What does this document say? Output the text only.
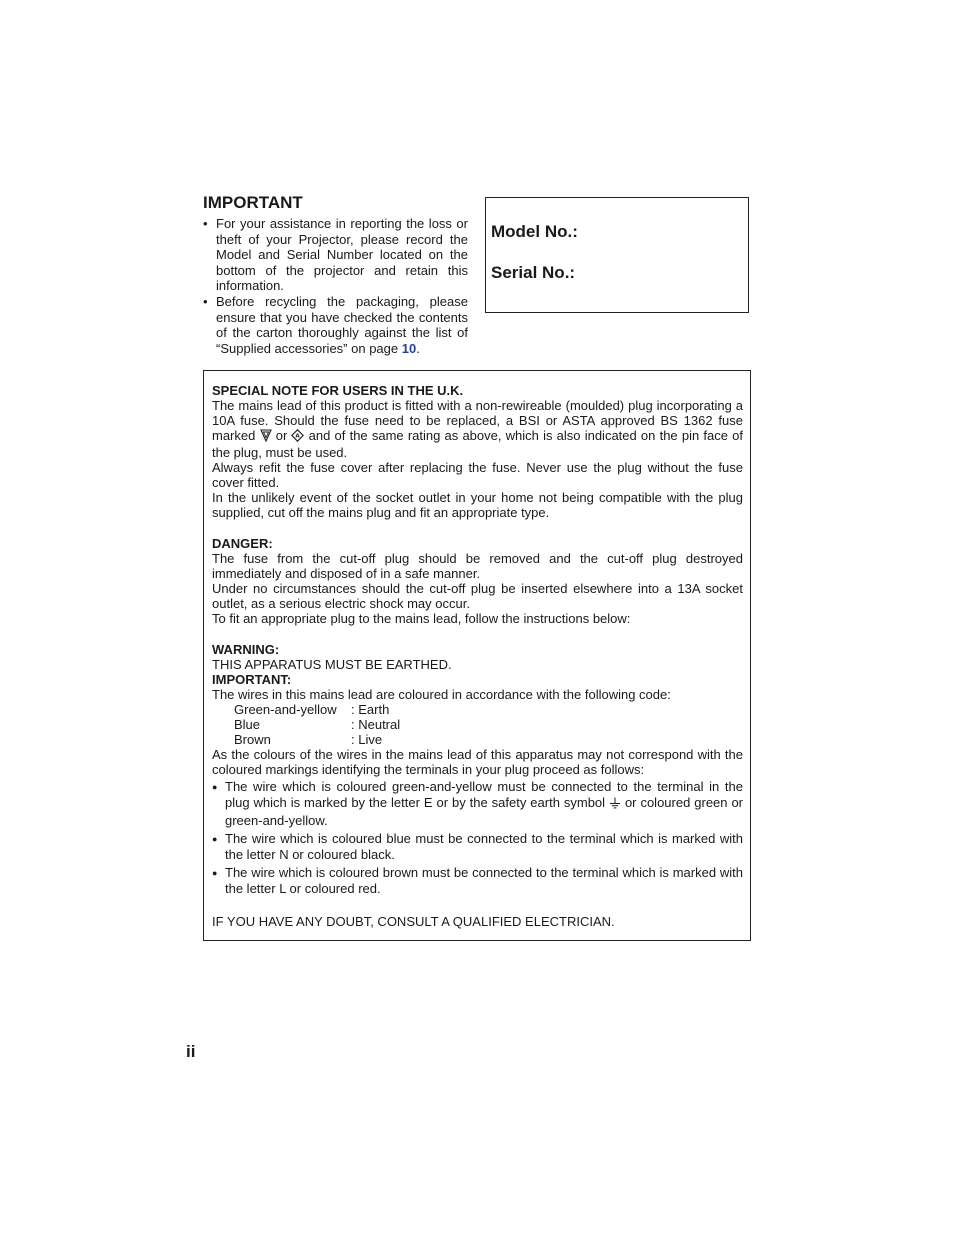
IMPORTANT
• For your assistance in reporting the loss or theft of your Projector, please record the Model and Serial Number located on the bottom of the projector and retain this information.
• Before recycling the packaging, please ensure that you have checked the contents of the carton thoroughly against the list of “Supplied accessories” on page 10.
Model No.:
Serial No.:

SPECIAL NOTE FOR USERS IN THE U.K.

The mains lead of this product is fitted with a non-rewireable (moulded) plug incorporating a 10A fuse. Should the fuse need to be replaced, a BSI or ASTA approved BS 1362 fuse marked  or A and of the same rating as above, which is also indicated on the pin face of the plug, must be used.

Always refit the fuse cover after replacing the fuse. Never use the plug without the fuse cover fitted.

In the unlikely event of the socket outlet in your home not being compatible with the plug supplied, cut off the mains plug and fit an appropriate type.

DANGER:

The fuse from the cut-off plug should be removed and the cut-off plug destroyed immediately and disposed of in a safe manner.

Under no circumstances should the cut-off plug be inserted elsewhere into a 13A socket outlet, as a serious electric shock may occur.

To fit an appropriate plug to the mains lead, follow the instructions below:

WARNING:

THIS APPARATUS MUST BE EARTHED.

IMPORTANT:

The wires in this mains lead are coloured in accordance with the following code:

Green-and-yellow	: Earth
Blue	: Neutral
Brown	: Live

As the colours of the wires in the mains lead of this apparatus may not correspond with the coloured markings identifying the terminals in your plug proceed as follows:

● The wire which is coloured green-and-yellow must be connected to the terminal in the plug which is marked by the letter E or by the safety earth symbol  or coloured green or green-and-yellow.
● The wire which is coloured blue must be connected to the terminal which is marked with the letter N or coloured black.
● The wire which is coloured brown must be connected to the terminal which is marked with the letter L or coloured red.

IF YOU HAVE ANY DOUBT, CONSULT A QUALIFIED ELECTRICIAN.

ii
